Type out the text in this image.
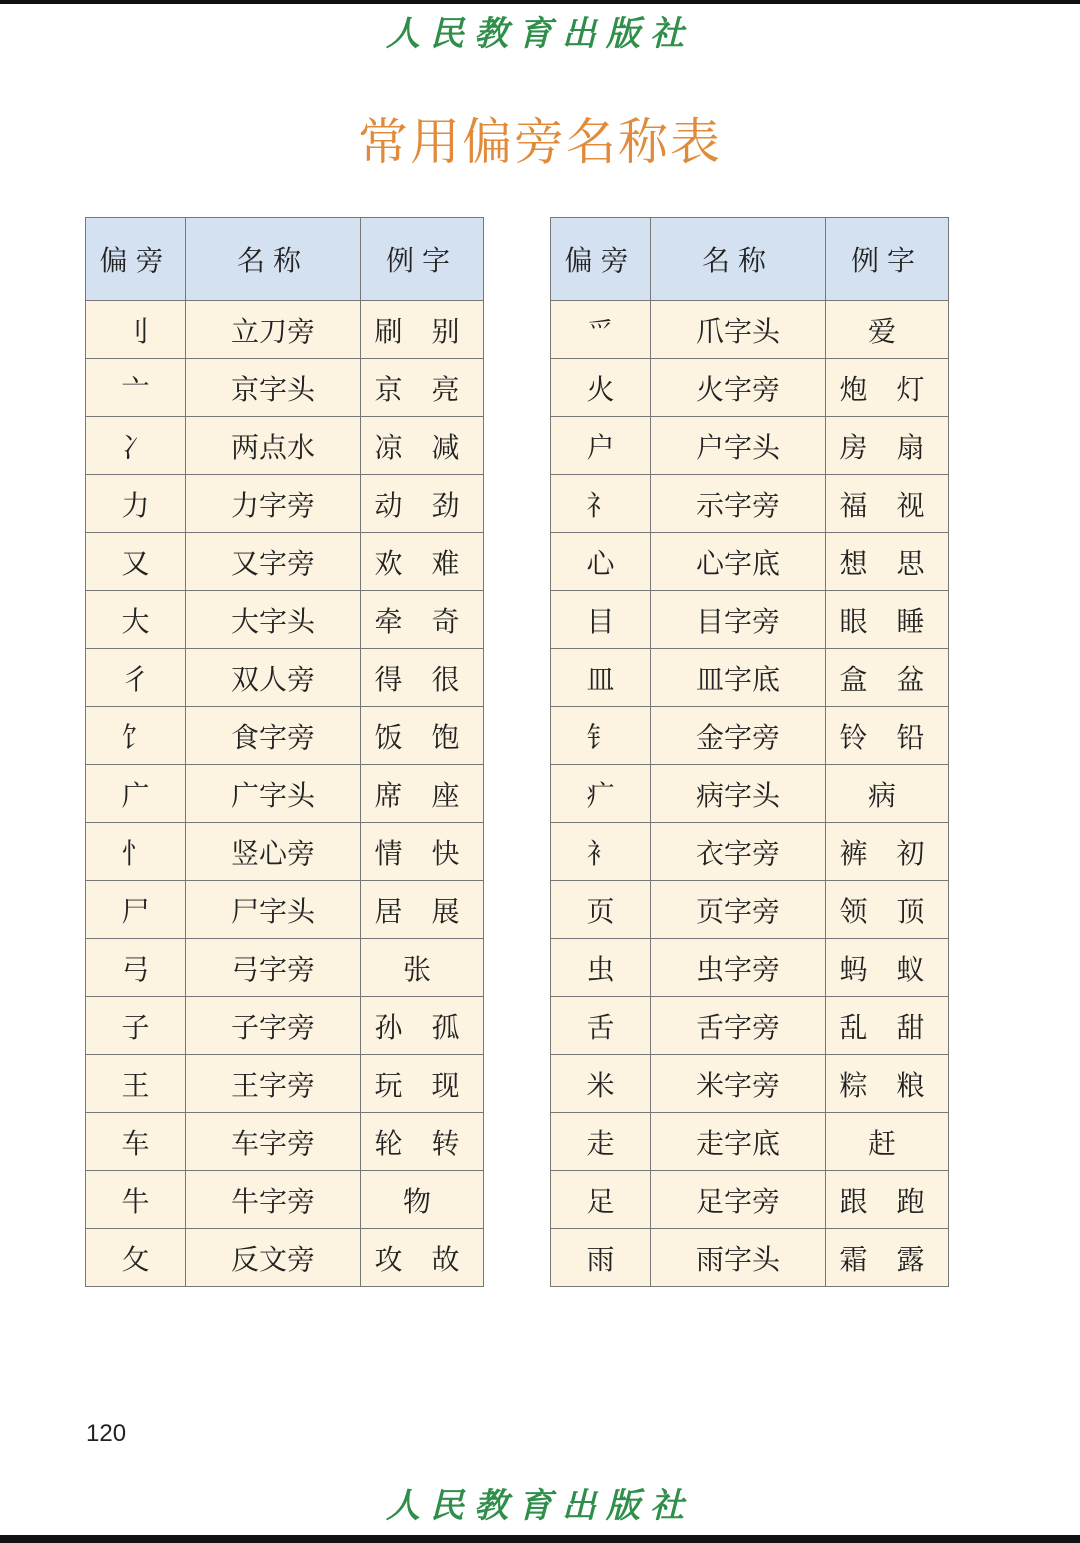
人民教育出版社
常用偏旁名称表
偏旁	名称	例字
刂	立刀旁	刷 别
亠	京字头	京 亮
冫	两点水	凉 减
力	力字旁	动 劲
又	又字旁	欢 难
大	大字头	牵 奇
彳	双人旁	得 很
饣	食字旁	饭 饱
广	广字头	席 座
忄	竖心旁	情 快
尸	尸字头	居 展
弓	弓字旁	张
子	子字旁	孙 孤
王	王字旁	玩 现
车	车字旁	轮 转
牛	牛字旁	物
攵	反文旁	攻 故
偏旁	名称	例字
爫	爪字头	爱
火	火字旁	炮 灯
户	户字头	房 扇
礻	示字旁	福 视
心	心字底	想 思
目	目字旁	眼 睡
皿	皿字底	盒 盆
钅	金字旁	铃 铅
疒	病字头	病
衤	衣字旁	裤 初
页	页字旁	领 顶
虫	虫字旁	蚂 蚁
舌	舌字旁	乱 甜
米	米字旁	粽 粮
走	走字底	赶
足	足字旁	跟 跑
雨	雨字头	霜 露
120
人民教育出版社
